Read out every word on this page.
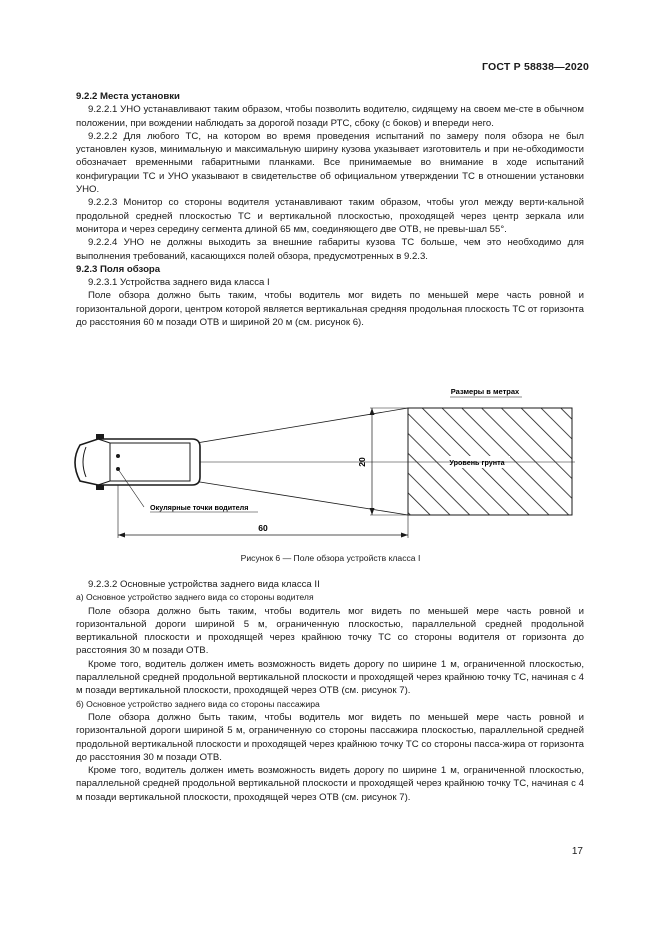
ГОСТ Р 58838—2020

9.2.2 Места установки

9.2.2.1 УНО устанавливают таким образом, чтобы позволить водителю, сидящему на своем ме-сте в обычном положении, при вождении наблюдать за дорогой позади РТС, сбоку (с боков) и впереди него.

9.2.2.2 Для любого ТС, на котором во время проведения испытаний по замеру поля обзора не был установлен кузов, минимальную и максимальную ширину кузова указывает изготовитель и при не-обходимости обозначает временными габаритными планками. Все принимаемые во внимание в ходе испытаний конфигурации ТС и УНО указывают в свидетельстве об официальном утверждении ТС в отношении установки УНО.

9.2.2.3 Монитор со стороны водителя устанавливают таким образом, чтобы угол между верти-кальной продольной средней плоскостью ТС и вертикальной плоскостью, проходящей через центр зеркала или монитора и через середину сегмента длиной 65 мм, соединяющего две ОТВ, не превы-шал 55°.

9.2.2.4 УНО не должны выходить за внешние габариты кузова ТС больше, чем это необходимо для выполнения требований, касающихся полей обзора, предусмотренных в 9.2.3.

9.2.3 Поля обзора

9.2.3.1 Устройства заднего вида класса I

Поле обзора должно быть таким, чтобы водитель мог видеть по меньшей мере часть ровной и горизонтальной дороги, центром которой является вертикальная средняя продольная плоскость ТС от горизонта до расстояния 60 м позади ОТВ и шириной 20 м (см. рисунок 6).

Размеры в метрах
Уровень грунта
20
60
Окулярные точки водителя
Рисунок 6 — Поле обзора устройств класса I

9.2.3.2 Основные устройства заднего вида класса II

а) Основное устройство заднего вида со стороны водителя

Поле обзора должно быть таким, чтобы водитель мог видеть по меньшей мере часть ровной и горизонтальной дороги шириной 5 м, ограниченную плоскостью, параллельной средней продольной вертикальной плоскости и проходящей через крайнюю точку ТС со стороны водителя от горизонта до расстояния 30 м позади ОТВ.

Кроме того, водитель должен иметь возможность видеть дорогу по ширине 1 м, ограниченной плоскостью, параллельной средней продольной вертикальной плоскости и проходящей через крайнюю точку ТС, начиная с 4 м позади вертикальной плоскости, проходящей через ОТВ (см. рисунок 7).

б) Основное устройство заднего вида со стороны пассажира

Поле обзора должно быть таким, чтобы водитель мог видеть по меньшей мере часть ровной и горизонтальной дороги шириной 5 м, ограниченную со стороны пассажира плоскостью, параллельной средней продольной вертикальной плоскости и проходящей через крайнюю точку ТС со стороны пасса-жира от горизонта до расстояния 30 м позади ОТВ.

Кроме того, водитель должен иметь возможность видеть дорогу по ширине 1 м, ограниченной плоскостью, параллельной средней продольной вертикальной плоскости и проходящей через крайнюю точку ТС, начиная с 4 м позади вертикальной плоскости, проходящей через ОТВ (см. рисунок 7).

17
